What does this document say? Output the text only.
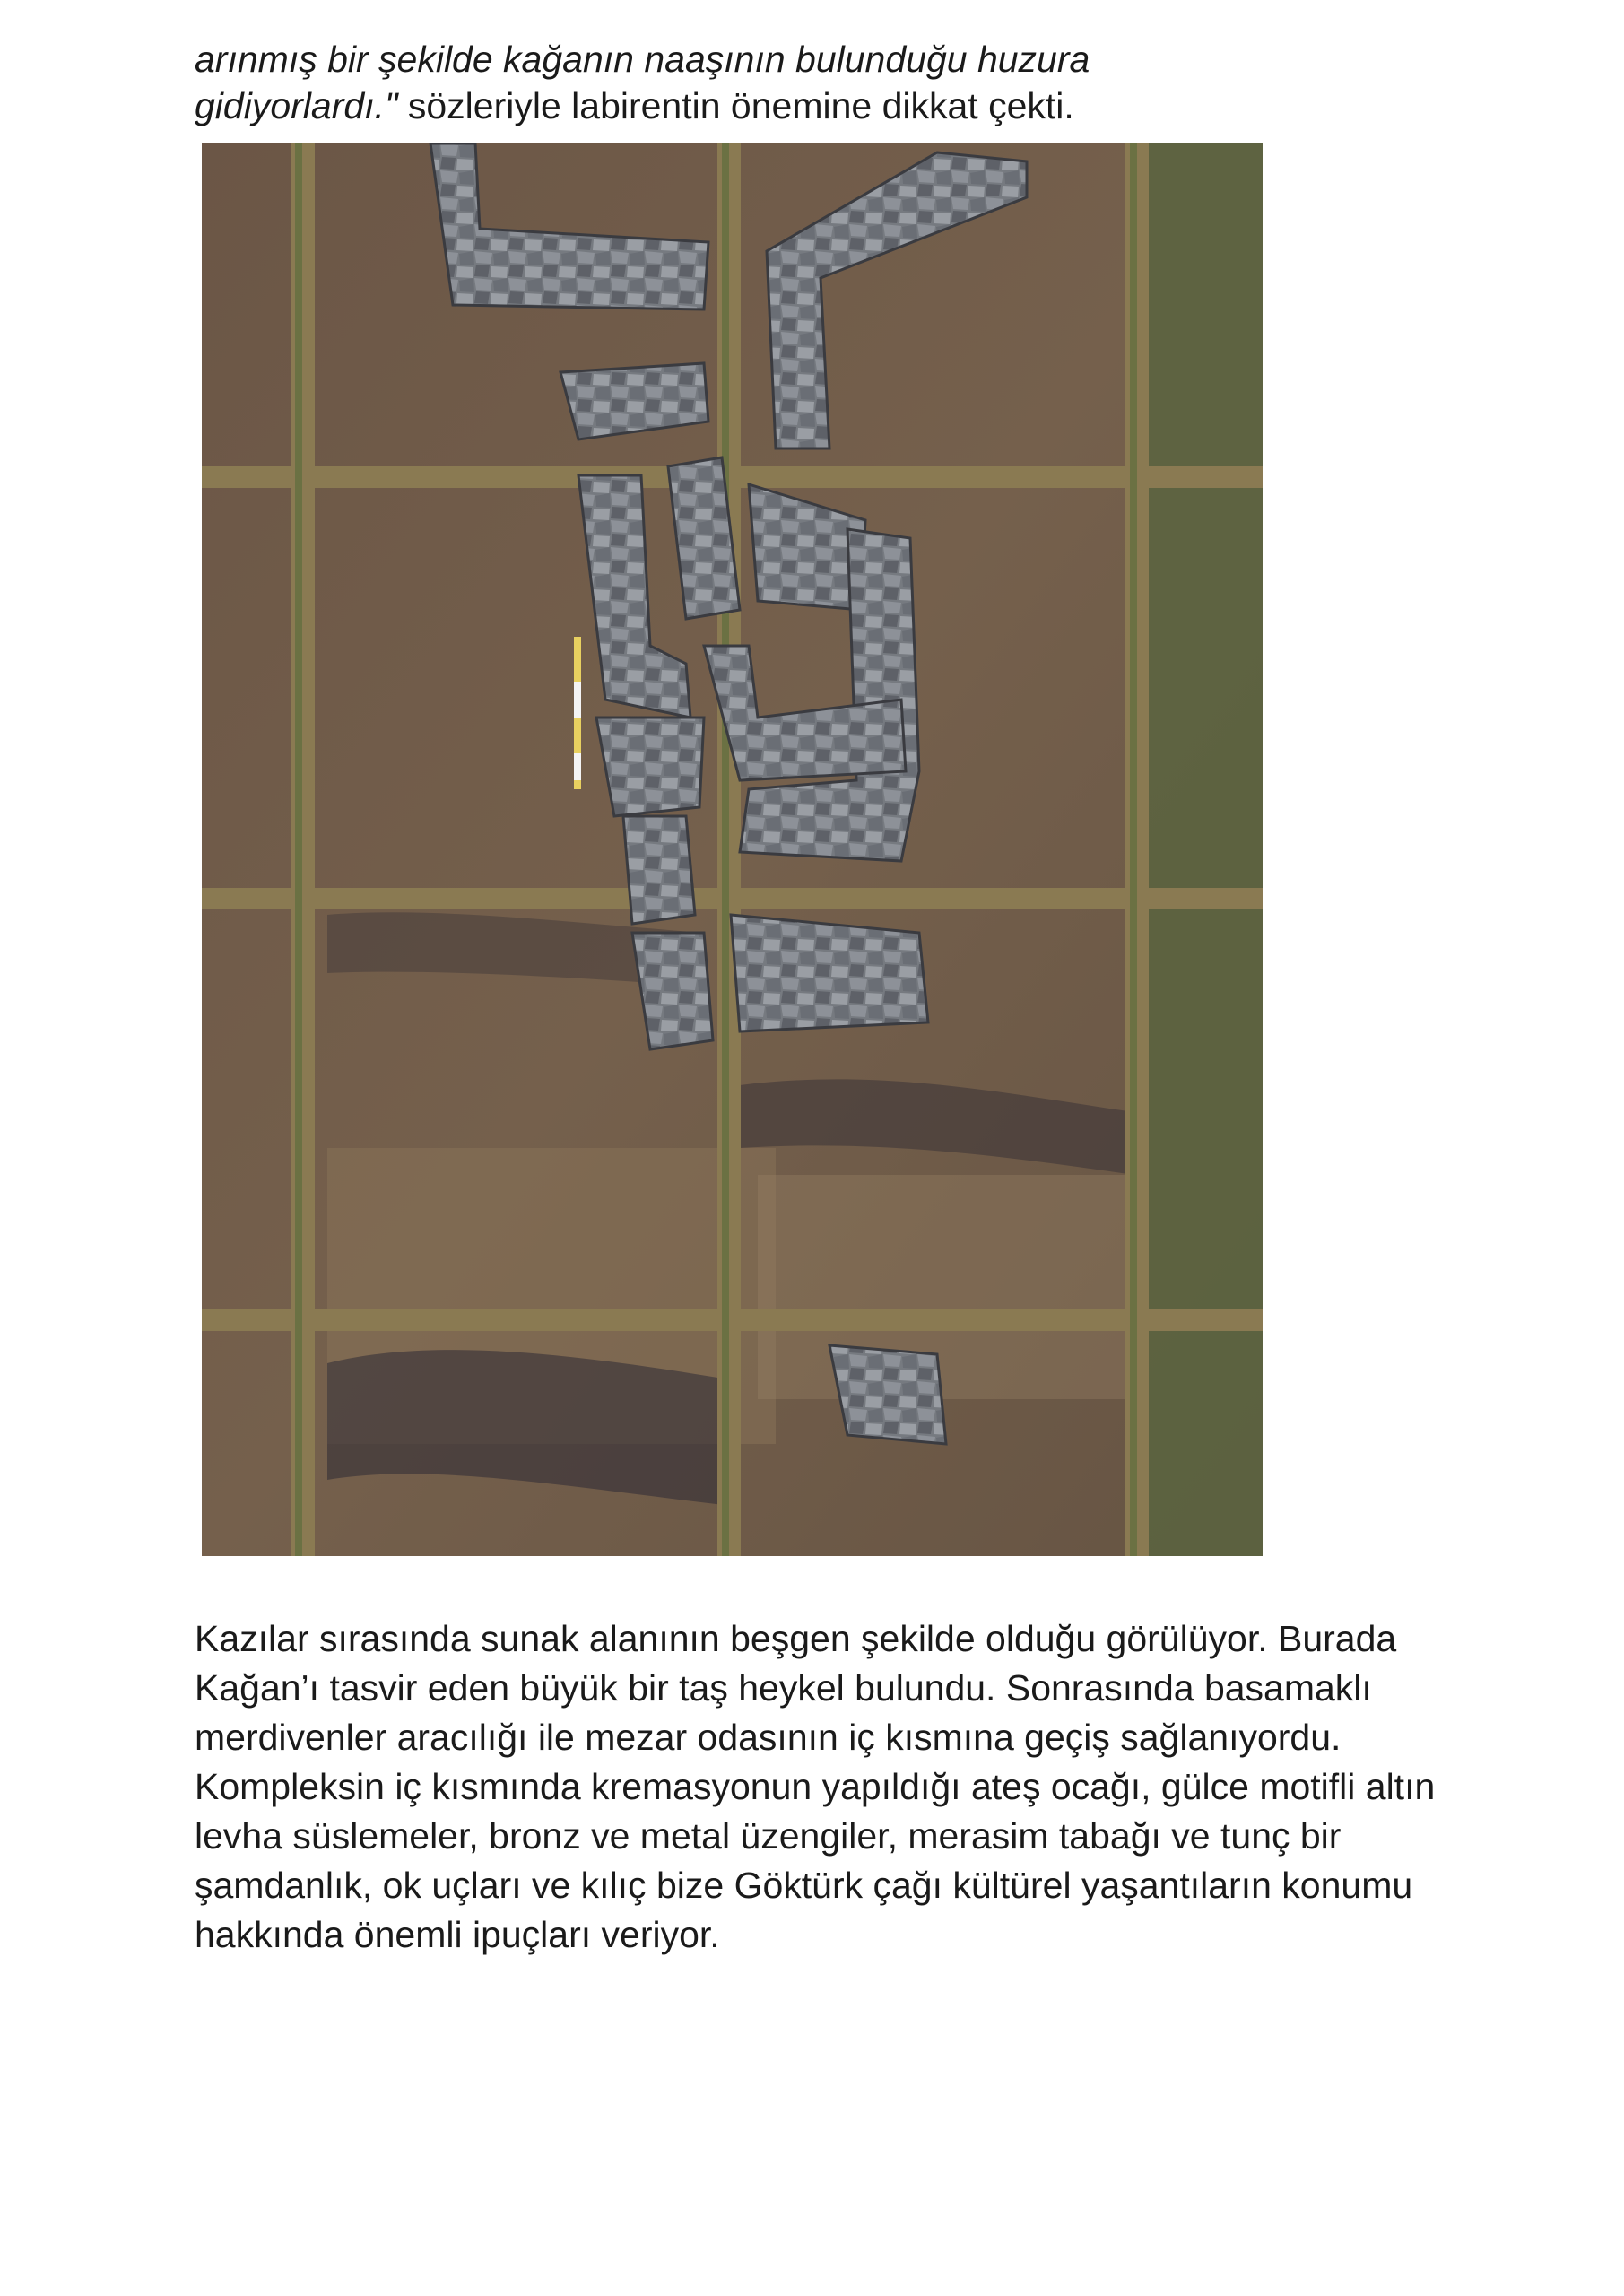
arınmış bir şekilde kağanın naaşının bulunduğu huzura
gidiyorlardı." sözleriyle labirentin önemine dikkat çekti.

Kazılar sırasında sunak alanının beşgen şekilde olduğu görülüyor. Burada Kağan’ı tasvir eden büyük bir taş heykel bulundu. Sonrasında basamaklı merdivenler aracılığı ile mezar odasının iç kısmına geçiş sağlanıyordu. Kompleksin iç kısmında kremasyonun yapıldığı ateş ocağı, gülce motifli altın levha süslemeler, bronz ve metal üzengiler, merasim tabağı ve tunç bir şamdanlık, ok uçları ve kılıç bize Göktürk çağı kültürel yaşantıların konumu hakkında önemli ipuçları veriyor.
